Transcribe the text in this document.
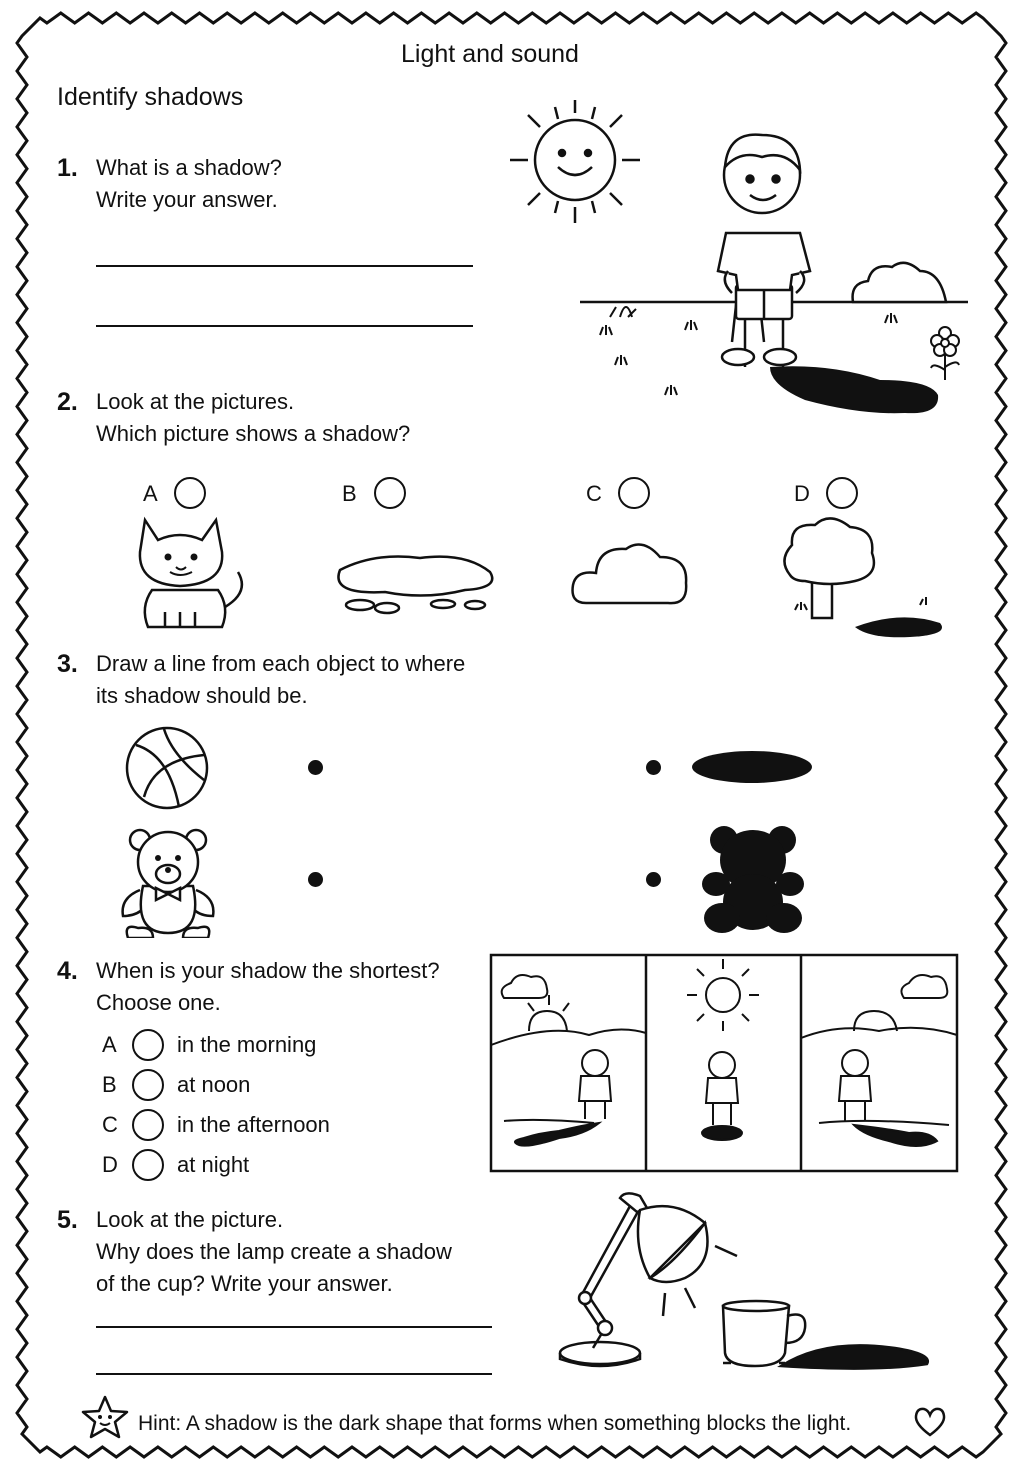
Light and sound
Identify shadows
1. What is a shadow?
Write your answer.
2. Look at the pictures.
Which picture shows a shadow?
A	B	C	D
3. Draw a line from each object to where
its shadow should be.
4. When is your shadow the shortest?
Choose one.
A	in the morning
B	at noon
C	in the afternoon
D	at night
5. Look at the picture.
Why does the lamp create a shadow
of the cup? Write your answer.
Hint: A shadow is the dark shape that forms when something blocks the light.
